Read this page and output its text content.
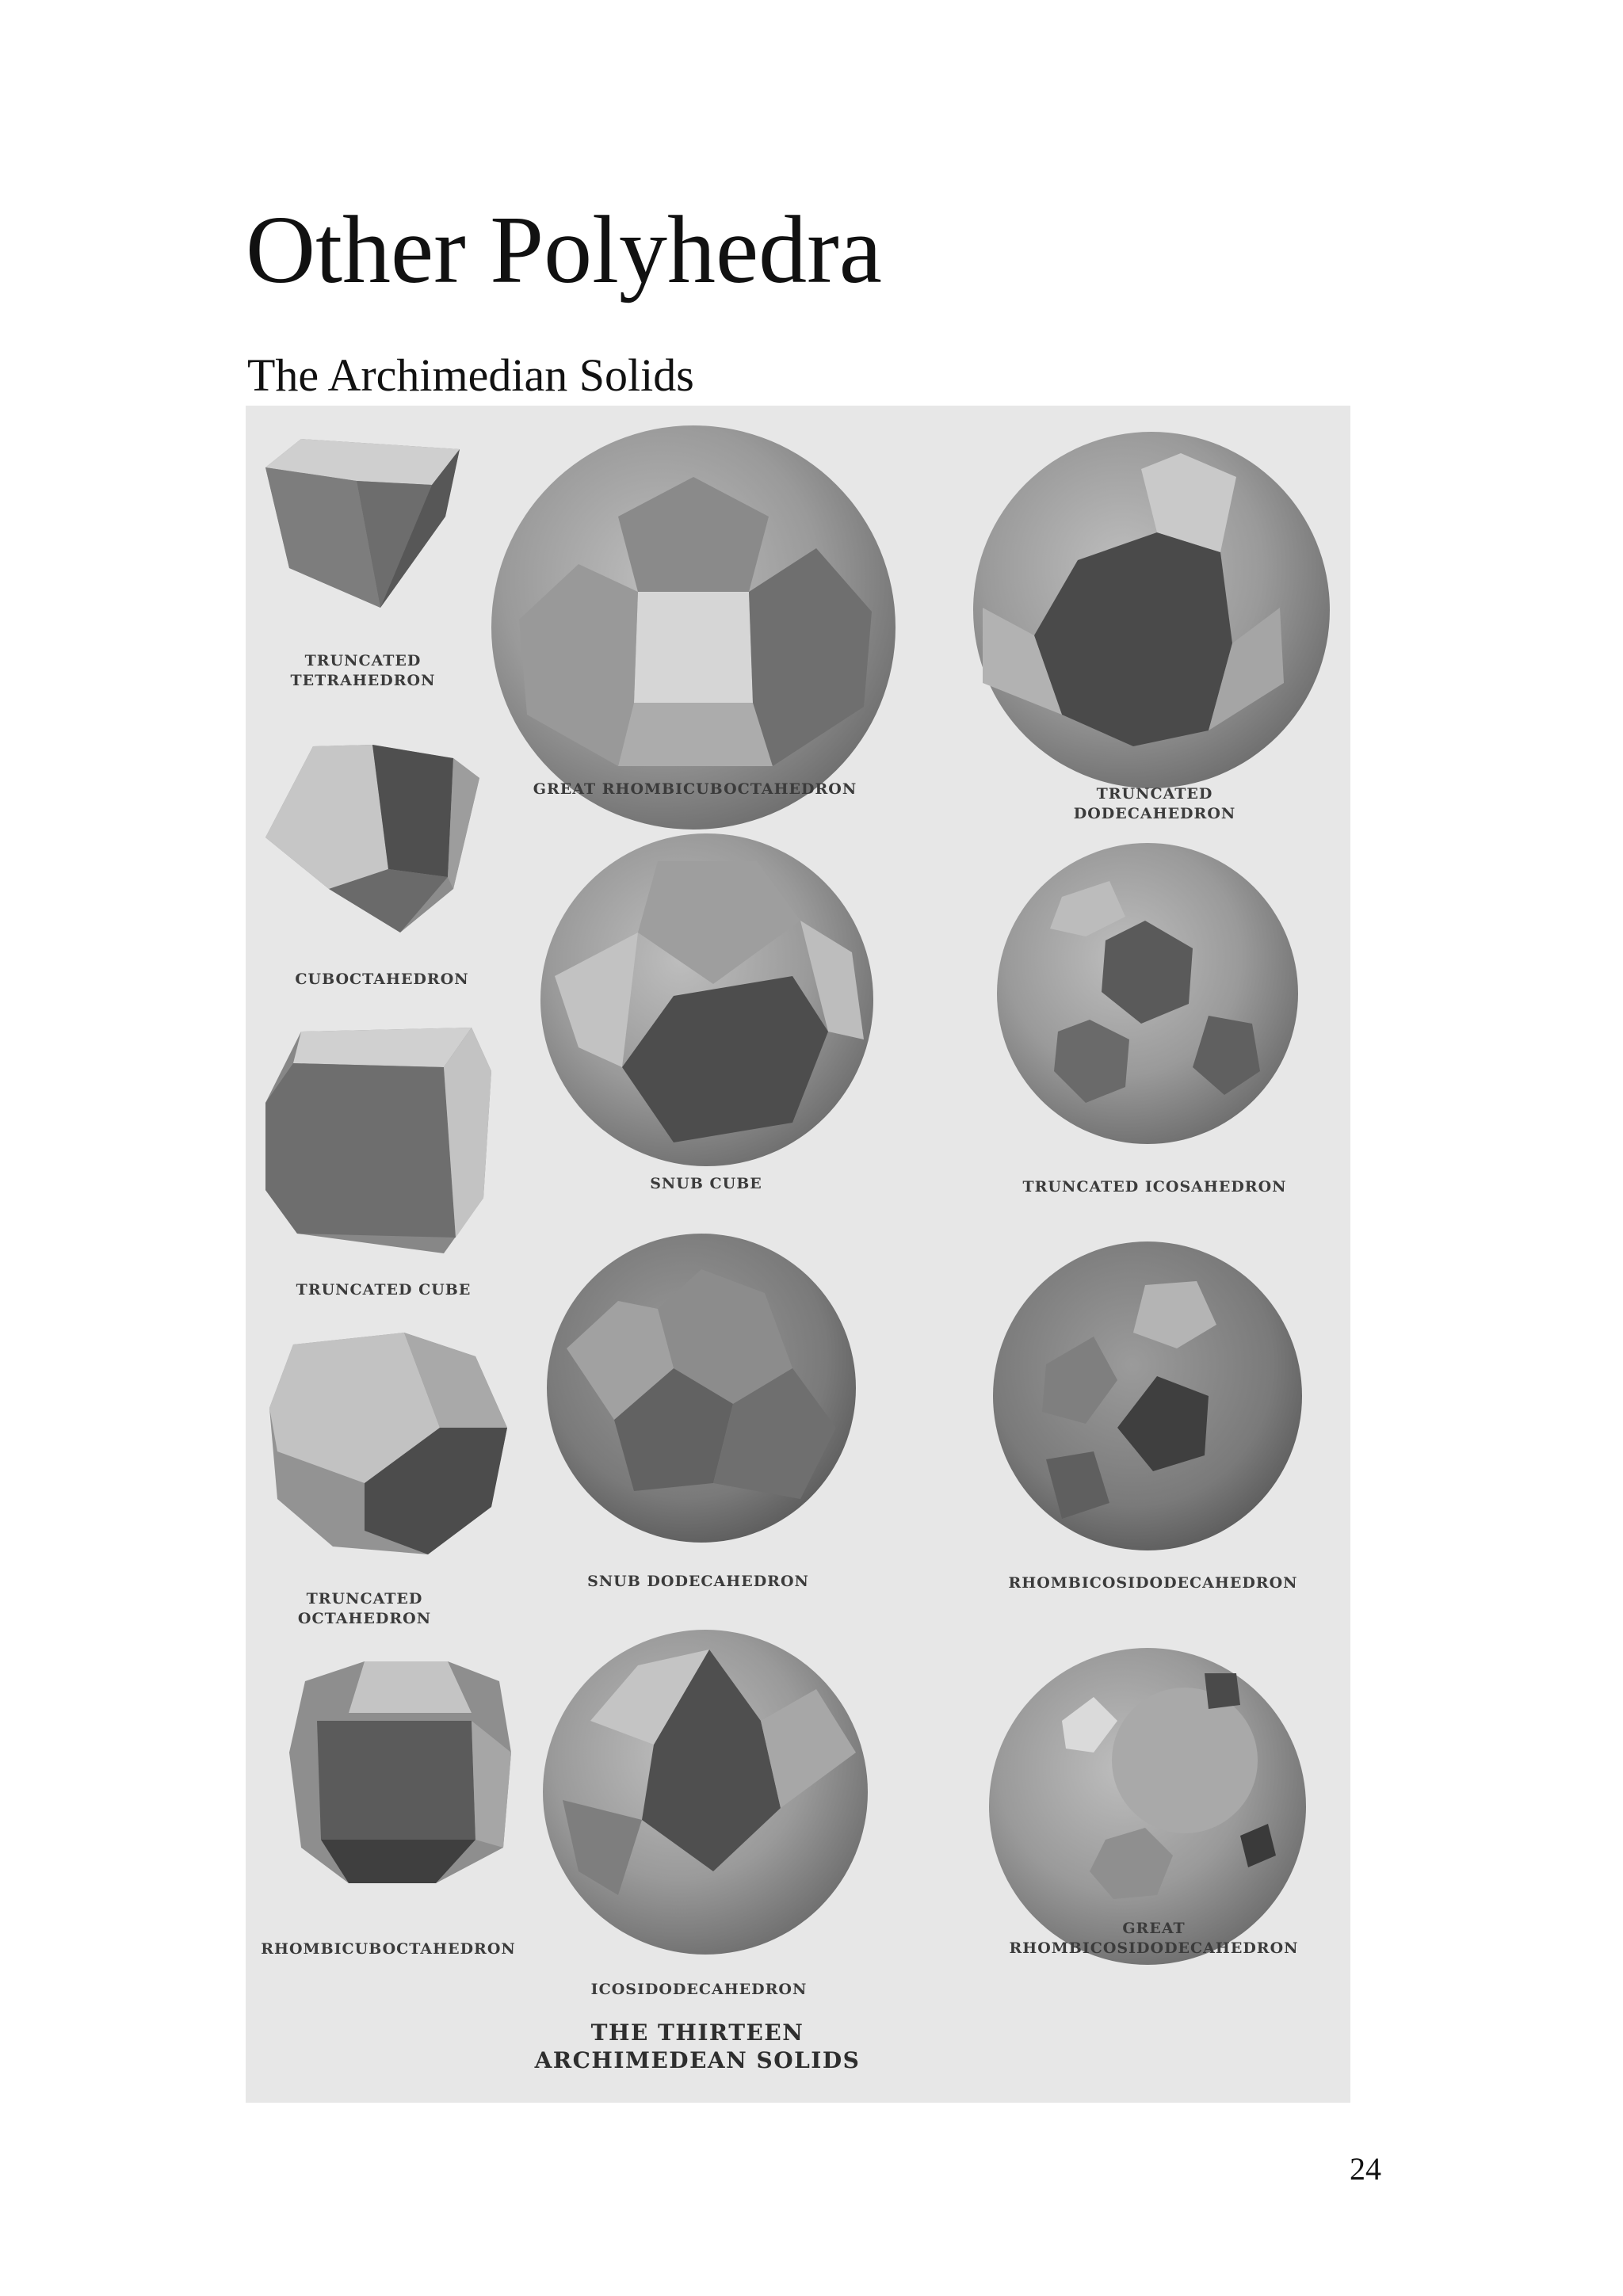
Other Polyhedra
The Archimedian Solids
TRUNCATED
TETRAHEDRON
GREAT RHOMBICUBOCTAHEDRON	TRUNCATED
DODECAHEDRON
CUBOCTAHEDRON
SNUB CUBE	TRUNCATED ICOSAHEDRON
TRUNCATED CUBE
SNUB DODECAHEDRON	RHOMBICOSIDODECAHEDRON
TRUNCATED
OCTAHEDRON
RHOMBICUBOCTAHEDRON
GREAT
RHOMBICOSIDODECAHEDRON
ICOSIDODECAHEDRON
THE THIRTEEN
ARCHIMEDEAN SOLIDS
24
